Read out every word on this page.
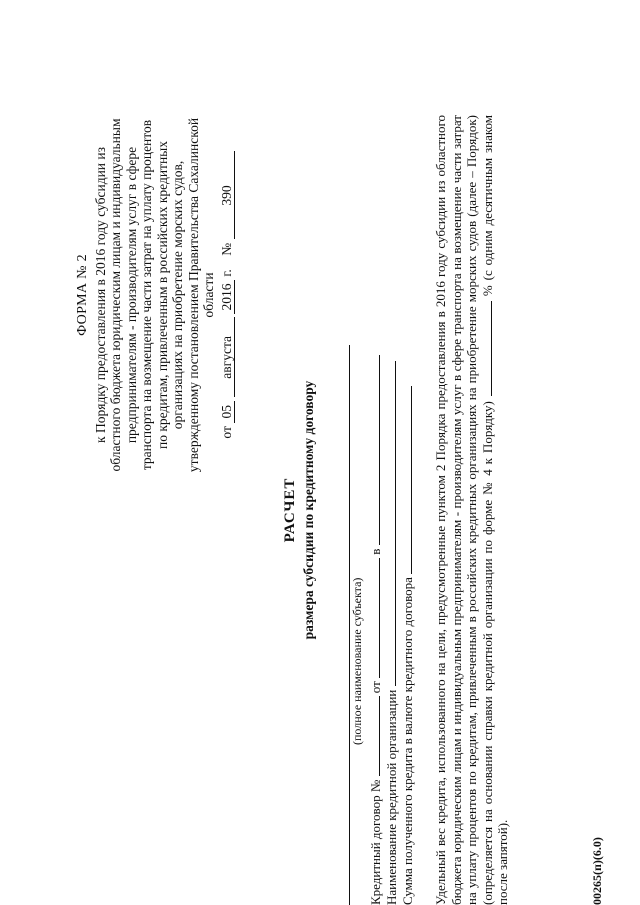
ФОРМА № 2 к Порядку предоставления в 2016 году субсидии из областного бюджета юридическим лицам и индивидуальным предпринимателям - производителям услуг в сфере транспорта на возмещение части затрат на уплату процентов по кредитам, привлеченным в российских кредитных организациях на приобретение морских судов, утвержденному постановлением Правительства Сахалинской области
от 05 августа 2016 г.    № 390
РАСЧЕТ размера субсидии по кредитному договору
(полное наименование субъекта)
Кредитный договор №  от  в
Наименование кредитной организации Сумма полученного кредита в валюте кредитного договора Удельный вес кредита, использованного на цели, предусмотренные пунктом 2 Порядка предоставления в 2016 году субсидии из областного бюджета юридическим лицам и индивидуальным предпринимателям - производителям услуг в сфере транспорта на возмещение части затрат на уплату процентов по кредитам, привлеченным в российских кредитных организациях на приобретение морских судов (далее – Порядок) (определяется на основании справки кредитной организации по форме № 4 к Порядку)  % (с одним десятичным знаком после запятой).	00265(п)(6.0)
